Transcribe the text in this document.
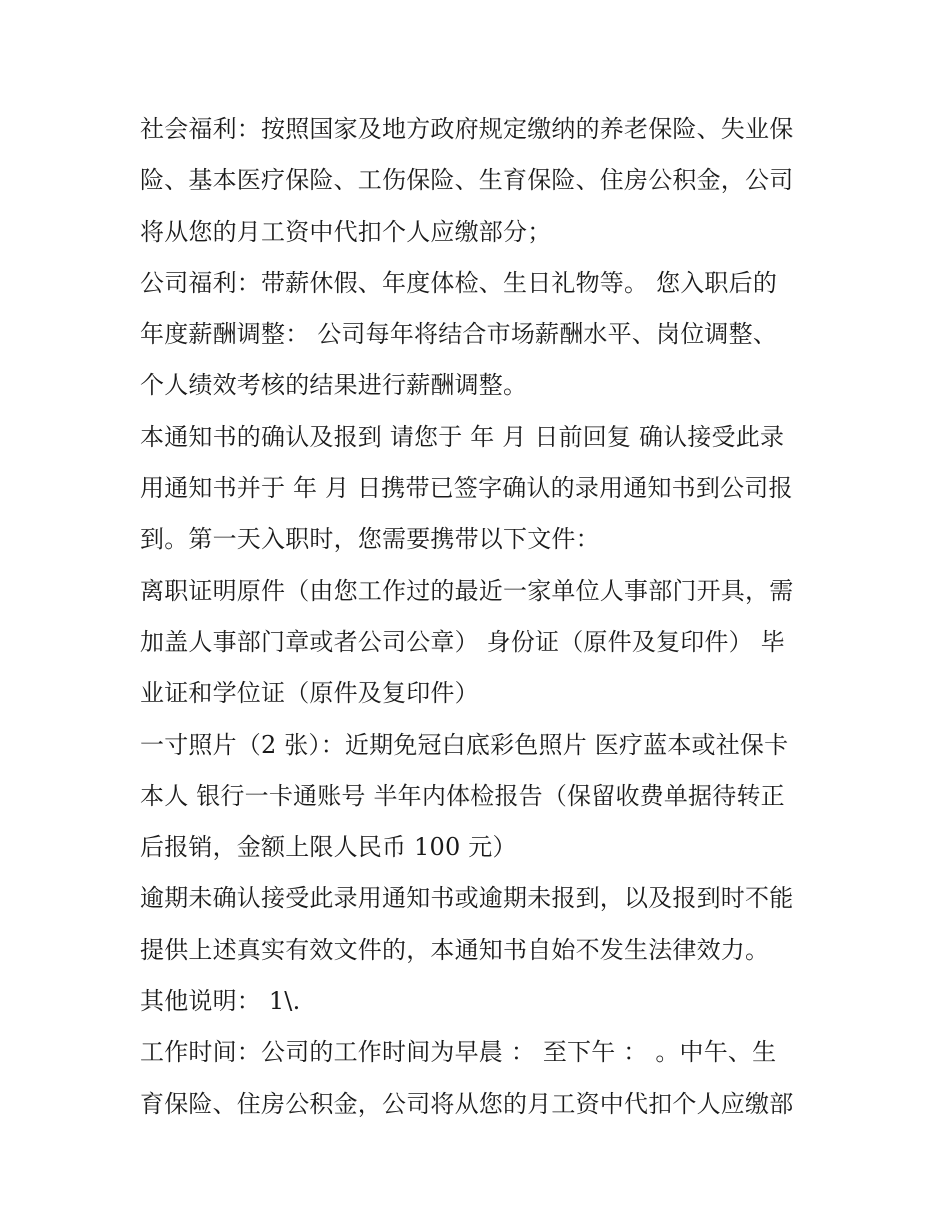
社会福利：按照国家及地方政府规定缴纳的养老保险、失业保
险、基本医疗保险、工伤保险、生育保险、住房公积金，公司
将从您的月工资中代扣个人应缴部分；
公司福利：带薪休假、年度体检、生日礼物等。 您入职后的
年度薪酬调整： 公司每年将结合市场薪酬水平、岗位调整、
个人绩效考核的结果进行薪酬调整。
本通知书的确认及报到 请您于 年 月 日前回复 确认接受此录
用通知书并于 年 月 日携带已签字确认的录用通知书到公司报
到。第一天入职时，您需要携带以下文件：
离职证明原件（由您工作过的最近一家单位人事部门开具，需
加盖人事部门章或者公司公章） 身份证（原件及复印件） 毕
业证和学位证（原件及复印件）
一寸照片（2 张）：近期免冠白底彩色照片 医疗蓝本或社保卡
本人 银行一卡通账号 半年内体检报告（保留收费单据待转正
后报销，金额上限人民币 100 元）
逾期未确认接受此录用通知书或逾期未报到，以及报到时不能
提供上述真实有效文件的，本通知书自始不发生法律效力。
其他说明： 1\.
工作时间：公司的工作时间为早晨 ： 至下午 ： 。中午、生
育保险、住房公积金，公司将从您的月工资中代扣个人应缴部
